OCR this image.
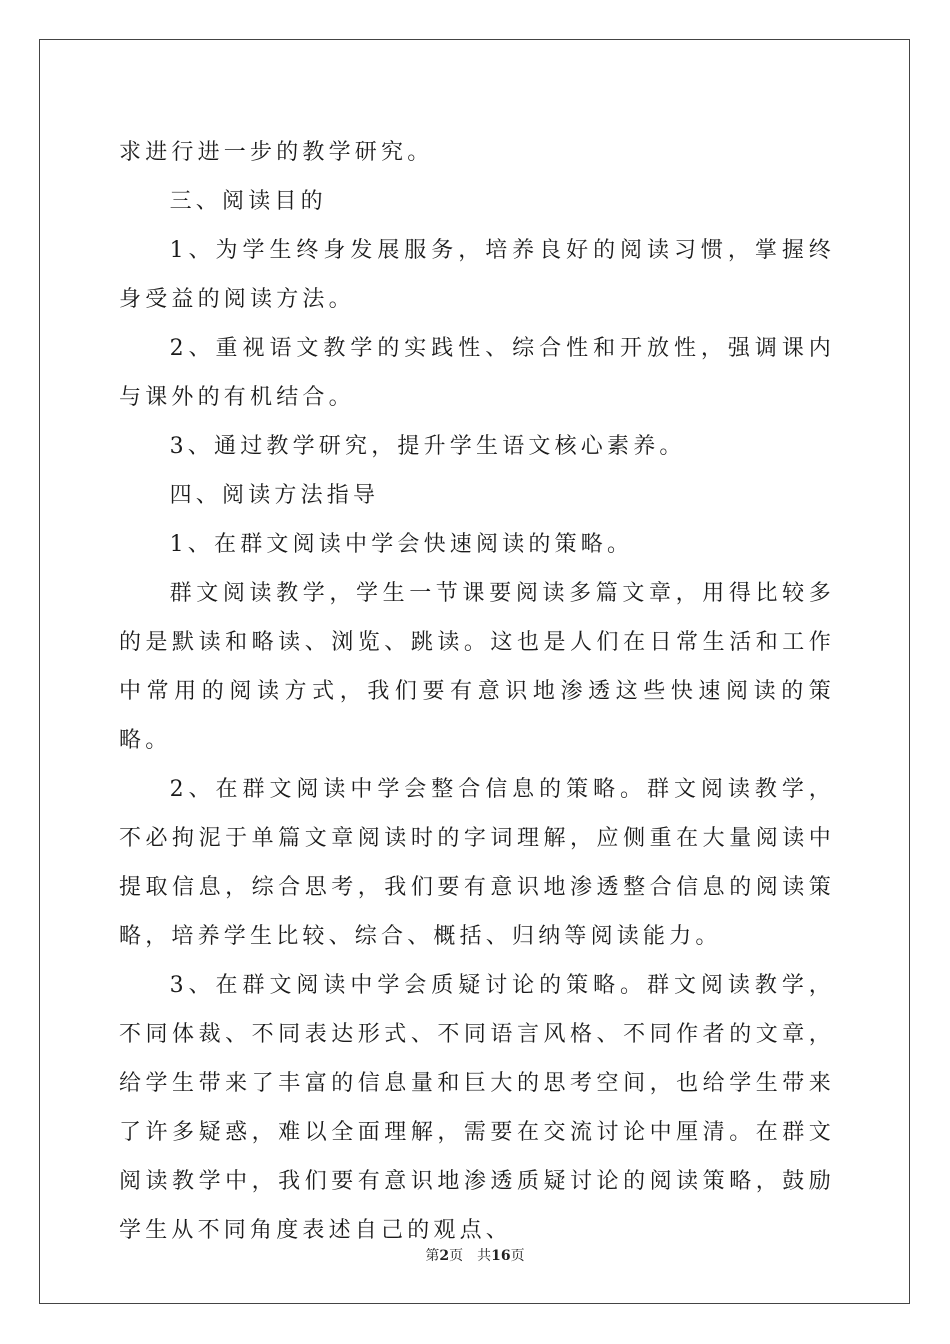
求进行进一步的教学研究。

三、阅读目的

1、为学生终身发展服务，培养良好的阅读习惯，掌握终身受益的阅读方法。

2、重视语文教学的实践性、综合性和开放性，强调课内与课外的有机结合。

3、通过教学研究，提升学生语文核心素养。

四、阅读方法指导

1、在群文阅读中学会快速阅读的策略。

群文阅读教学，学生一节课要阅读多篇文章，用得比较多的是默读和略读、浏览、跳读。这也是人们在日常生活和工作中常用的阅读方式，我们要有意识地渗透这些快速阅读的策略。

2、在群文阅读中学会整合信息的策略。群文阅读教学，不必拘泥于单篇文章阅读时的字词理解，应侧重在大量阅读中提取信息，综合思考，我们要有意识地渗透整合信息的阅读策略，培养学生比较、综合、概括、归纳等阅读能力。

3、在群文阅读中学会质疑讨论的策略。群文阅读教学，不同体裁、不同表达形式、不同语言风格、不同作者的文章，给学生带来了丰富的信息量和巨大的思考空间，也给学生带来了许多疑惑，难以全面理解，需要在交流讨论中厘清。在群文阅读教学中，我们要有意识地渗透质疑讨论的阅读策略，鼓励学生从不同角度表述自己的观点、

第2页 共16页
